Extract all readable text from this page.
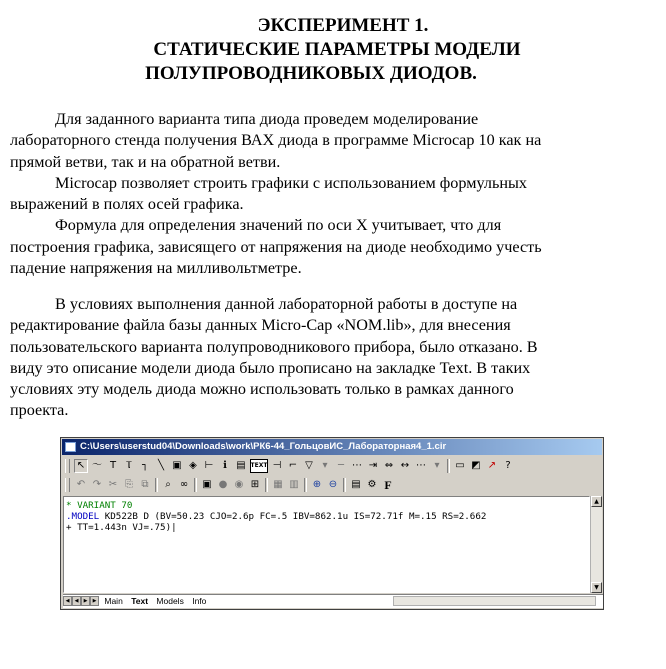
ЭКСПЕРИМЕНТ 1.
СТАТИЧЕСКИЕ ПАРАМЕТРЫ МОДЕЛИ
ПОЛУПРОВОДНИКОВЫХ ДИОДОВ.
Для заданного варианта типа диода проведем моделирование
лабораторного стенда получения ВАХ диода в программе Microcap 10 как на
прямой ветви, так и на обратной ветви.
Microcap позволяет строить графики с использованием формульных
выражений в полях осей графика.
Формула для определения значений по оси X учитывает, что для
построения графика, зависящего от напряжения на диоде необходимо учесть
падение напряжения на милливольтметре.
В условиях выполнения данной лабораторной работы в доступе на
редактирование файла базы данных Micro-Cap «NOM.lib», для внесения
пользовательского варианта полупроводникового прибора, было отказано. В
виду это описание модели диода было прописано на закладке Text. В таких
условиях эту модель диода можно использовать только в рамках данного
проекта.
C:\Users\userstud04\Downloads\work\РК6-44_ГольцовИС_Лабораторная4_1.cir
↖ 〜 T Ⲧ ┐ ╲ ▣ ◈ ⊢ ℹ ▤ TEXT ⊣ ⌐ ▽ ▾	─ ⋯ ⇥ ⇔ ↔ ⋯ ▾	▭ ◩ ↗ ?
↶ ↷ ✂ ⎘ ⧉	⌕ ∞ ▣ ● ◉ ⊞ ▦ ▥ ⊕ ⊖ ▤ ⚙ F
* VARIANT 70
.MODEL KD522B D (BV=50.23 CJO=2.6p FC=.5 IBV=862.1u IS=72.71f M=.15 RS=2.662
+ TT=1.443n VJ=.75)|
▲
▼
◀ ◀ ▶ ▶ Main Text Models Info
